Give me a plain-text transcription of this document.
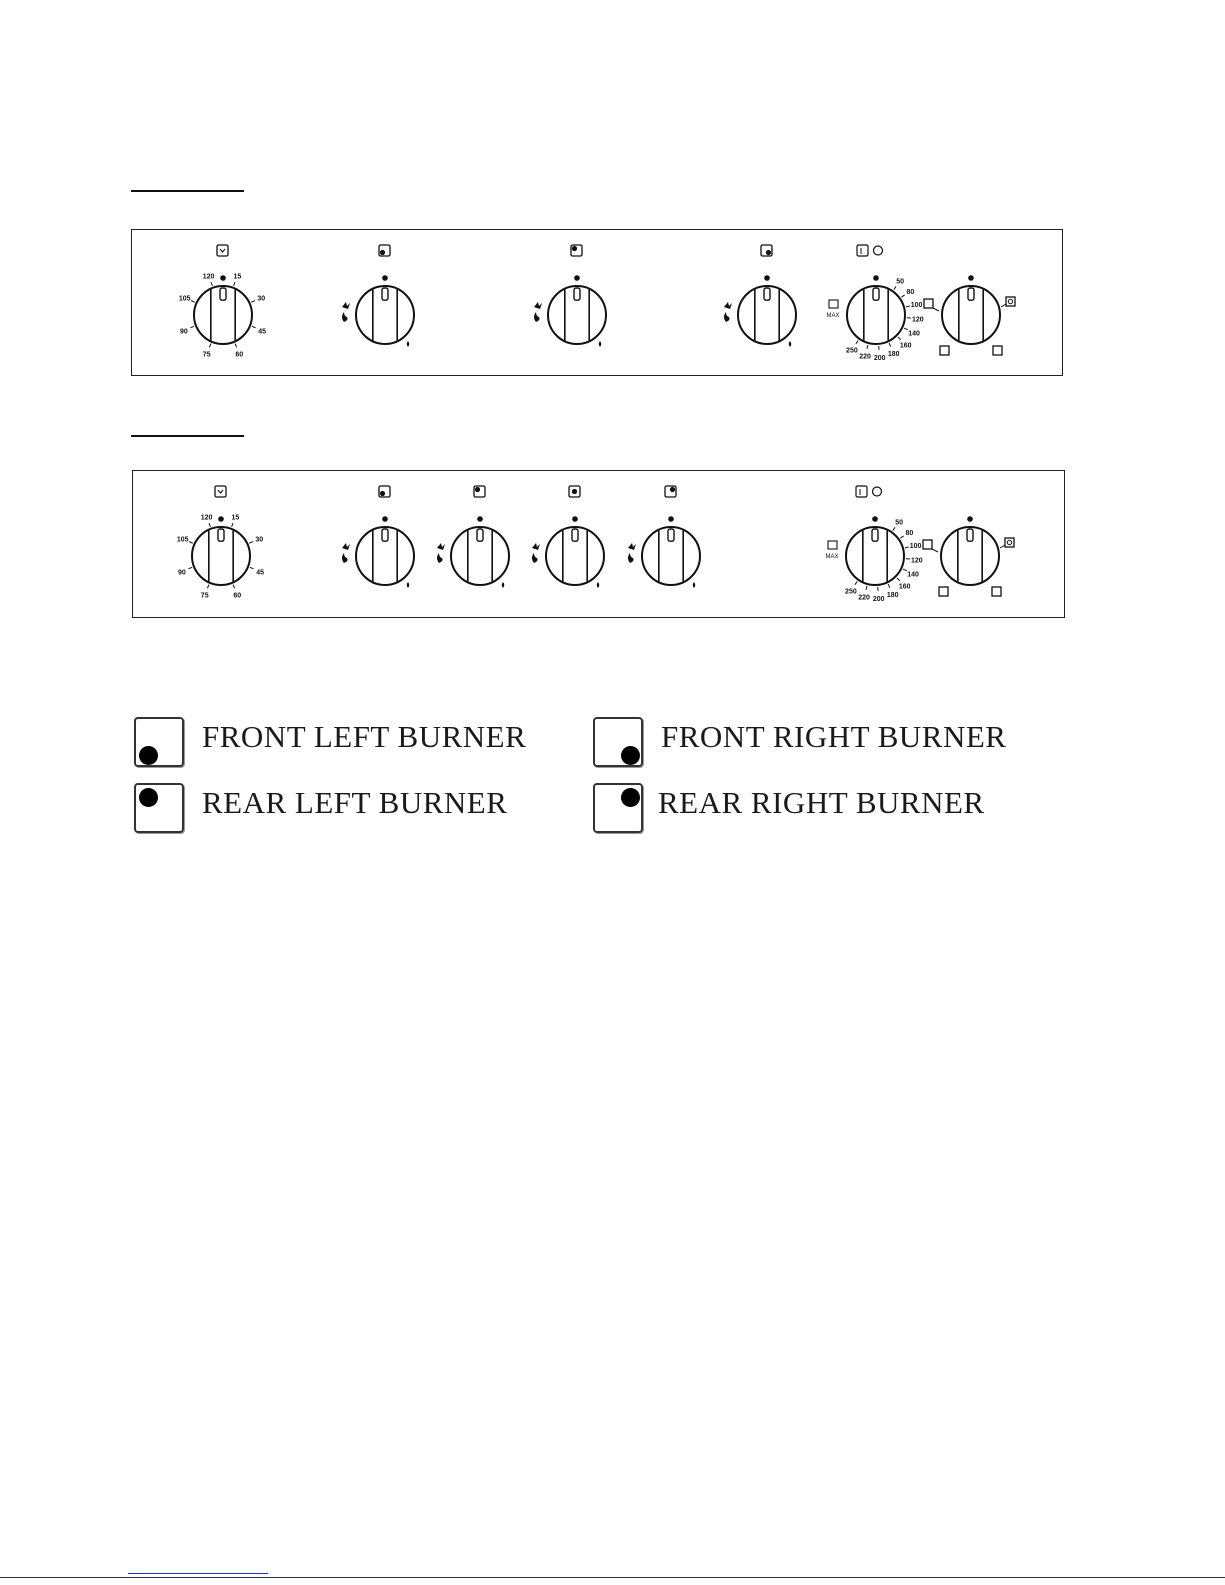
15
30
45
60
75
90
105
120
50
80
100
120
140
160
180
200
220
250
MAX
15
30
45
60
75
90
105
120
50
80
100
120
140
160
180
200
220
250
MAX
FRONT LEFT BURNER	FRONT RIGHT BURNER
REAR LEFT BURNER	REAR RIGHT BURNER
